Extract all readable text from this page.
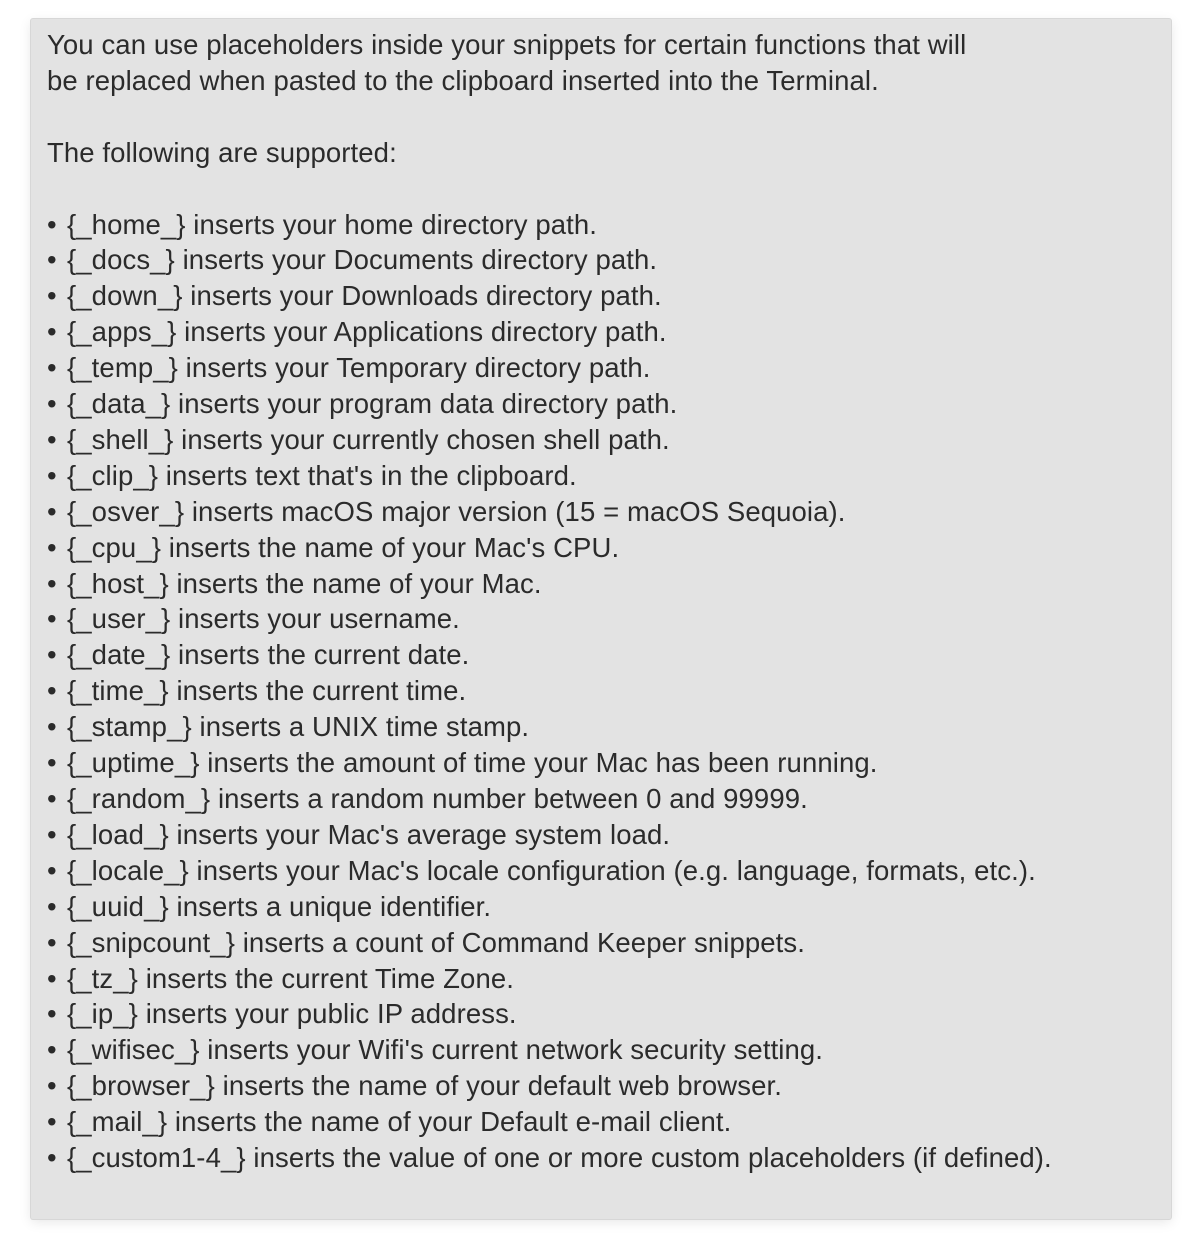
You can use placeholders inside your snippets for certain functions that will
be replaced when pasted to the clipboard inserted into the Terminal.
The following are supported:
• {_home_} inserts your home directory path.
• {_docs_} inserts your Documents directory path.
• {_down_} inserts your Downloads directory path.
• {_apps_} inserts your Applications directory path.
• {_temp_} inserts your Temporary directory path.
• {_data_} inserts your program data directory path.
• {_shell_} inserts your currently chosen shell path.
• {_clip_} inserts text that's in the clipboard.
• {_osver_} inserts macOS major version (15 = macOS Sequoia).
• {_cpu_} inserts the name of your Mac's CPU.
• {_host_} inserts the name of your Mac.
• {_user_} inserts your username.
• {_date_} inserts the current date.
• {_time_} inserts the current time.
• {_stamp_} inserts a UNIX time stamp.
• {_uptime_} inserts the amount of time your Mac has been running.
• {_random_} inserts a random number between 0 and 99999.
• {_load_} inserts your Mac's average system load.
• {_locale_} inserts your Mac's locale configuration (e.g. language, formats, etc.).
• {_uuid_} inserts a unique identifier.
• {_snipcount_} inserts a count of Command Keeper snippets.
• {_tz_} inserts the current Time Zone.
• {_ip_} inserts your public IP address.
• {_wifisec_} inserts your Wifi's current network security setting.
• {_browser_} inserts the name of your default web browser.
• {_mail_} inserts the name of your Default e-mail client.
• {_custom1-4_} inserts the value of one or more custom placeholders (if defined).
